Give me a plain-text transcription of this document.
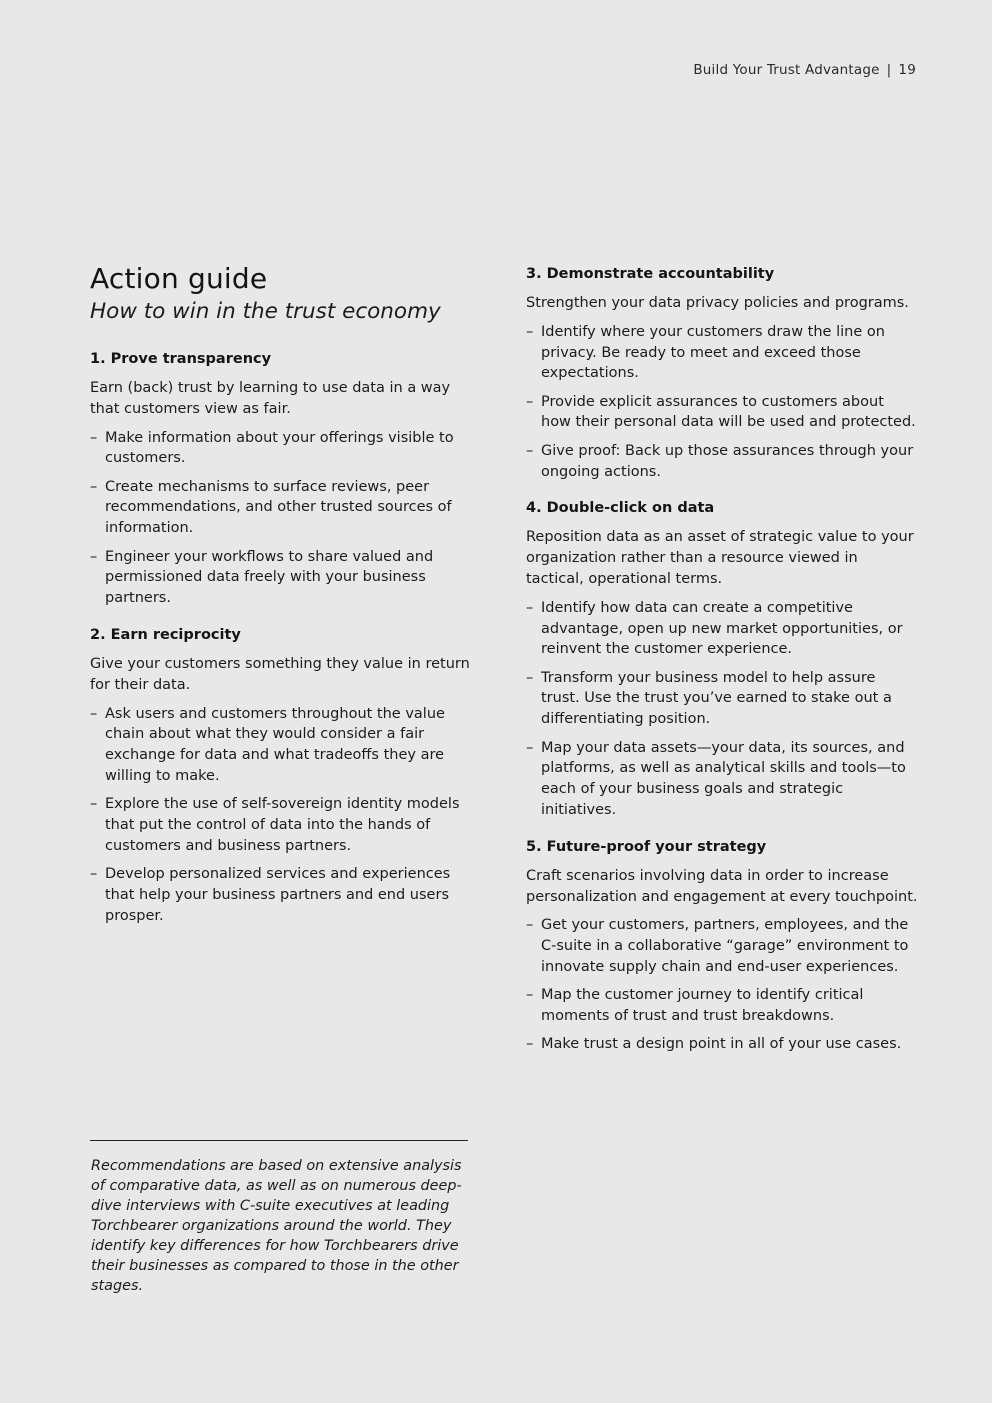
Build Your Trust Advantage | 19
Action guide
How to win in the trust economy
1. Prove transparency

Earn (back) trust by learning to use data in a way that customers view as fair.

– Make information about your offerings visible to customers.
– Create mechanisms to surface reviews, peer recommendations, and other trusted sources of information.
– Engineer your workflows to share valued and permissioned data freely with your business partners.
2. Earn reciprocity

Give your customers something they value in return for their data.

– Ask users and customers throughout the value chain about what they would consider a fair exchange for data and what tradeoffs they are willing to make.
– Explore the use of self-sovereign identity models that put the control of data into the hands of customers and business partners.
– Develop personalized services and experiences that help your business partners and end users prosper.
3. Demonstrate accountability

Strengthen your data privacy policies and programs.

– Identify where your customers draw the line on privacy. Be ready to meet and exceed those expectations.
– Provide explicit assurances to customers about how their personal data will be used and protected.
– Give proof: Back up those assurances through your ongoing actions.
4. Double-click on data

Reposition data as an asset of strategic value to your organization rather than a resource viewed in tactical, operational terms.

– Identify how data can create a competitive advantage, open up new market opportunities, or reinvent the customer experience.
– Transform your business model to help assure trust. Use the trust you’ve earned to stake out a differentiating position.
– Map your data assets—your data, its sources, and platforms, as well as analytical skills and tools—to each of your business goals and strategic initiatives.
5. Future-proof your strategy

Craft scenarios involving data in order to increase personalization and engagement at every touchpoint.

– Get your customers, partners, employees, and the C-suite in a collaborative “garage” environment to innovate supply chain and end-user experiences.
– Map the customer journey to identify critical moments of trust and trust breakdowns.
– Make trust a design point in all of your use cases.

Recommendations are based on extensive analysis of comparative data, as well as on numerous deep-dive interviews with C-suite executives at leading Torchbearer organizations around the world. They identify key differences for how Torchbearers drive their businesses as compared to those in the other stages.
